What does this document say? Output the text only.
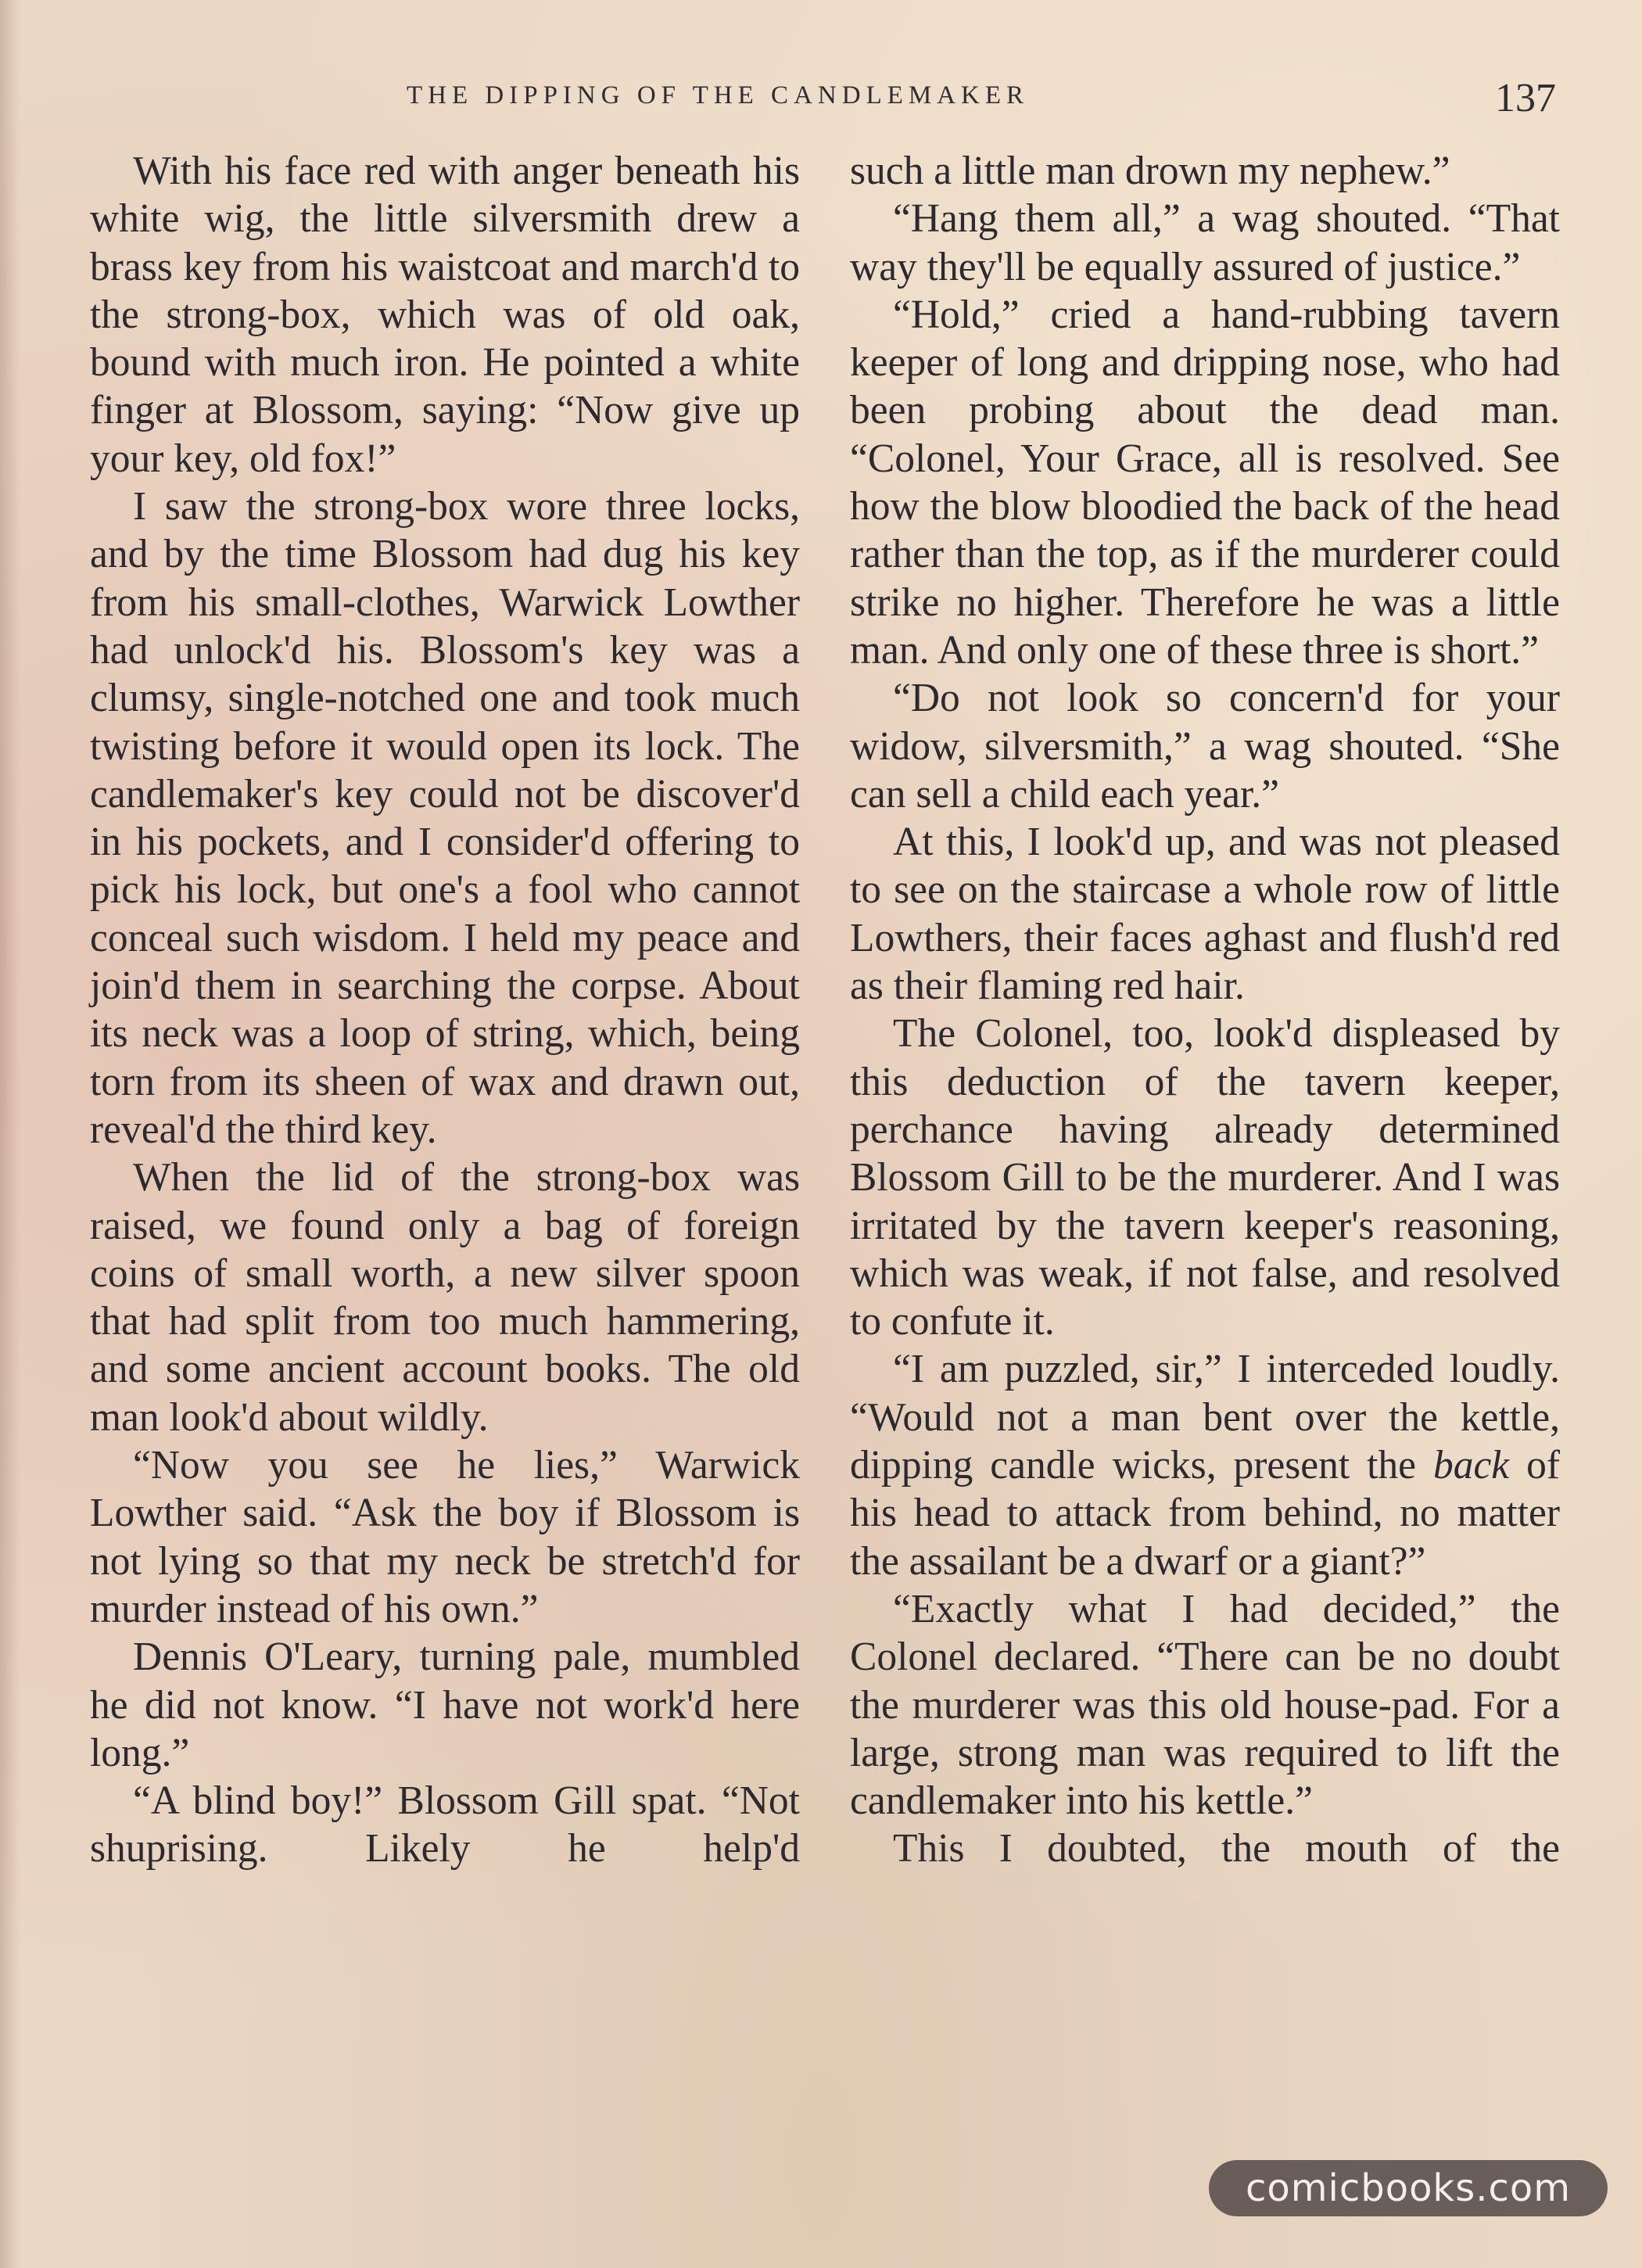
THE DIPPING OF THE CANDLEMAKER	137

With his face red with anger beneath his white wig, the little silversmith drew a brass key from his waistcoat and march'd to the strong-box, which was of old oak, bound with much iron. He pointed a white finger at Blossom, saying: “Now give up your key, old fox!”

I saw the strong-box wore three locks, and by the time Blossom had dug his key from his small-clothes, Warwick Lowther had unlock'd his. Blossom's key was a clumsy, single-notched one and took much twisting before it would open its lock. The candlemaker's key could not be discover'd in his pockets, and I consider'd offering to pick his lock, but one's a fool who cannot conceal such wisdom. I held my peace and join'd them in searching the corpse. About its neck was a loop of string, which, being torn from its sheen of wax and drawn out, reveal'd the third key.

When the lid of the strong-box was raised, we found only a bag of foreign coins of small worth, a new silver spoon that had split from too much hammering, and some ancient account books. The old man look'd about wildly.

“Now you see he lies,” Warwick Lowther said. “Ask the boy if Blossom is not lying so that my neck be stretch'd for murder instead of his own.”

Dennis O'Leary, turning pale, mumbled he did not know. “I have not work'd here long.”

“A blind boy!” Blossom Gill spat. “Not shuprising. Likely he help'd

such a little man drown my nephew.”

“Hang them all,” a wag shouted. “That way they'll be equally assured of justice.”

“Hold,” cried a hand-rubbing tavern keeper of long and dripping nose, who had been probing about the dead man. “Colonel, Your Grace, all is resolved. See how the blow bloodied the back of the head rather than the top, as if the murderer could strike no higher. Therefore he was a little man. And only one of these three is short.”

“Do not look so concern'd for your widow, silversmith,” a wag shouted. “She can sell a child each year.”

At this, I look'd up, and was not pleased to see on the staircase a whole row of little Lowthers, their faces aghast and flush'd red as their flaming red hair.

The Colonel, too, look'd displeased by this deduction of the tavern keeper, perchance having already determined Blossom Gill to be the murderer. And I was irritated by the tavern keeper's reasoning, which was weak, if not false, and resolved to confute it.

“I am puzzled, sir,” I interceded loudly. “Would not a man bent over the kettle, dipping candle wicks, present the back of his head to attack from behind, no matter the assailant be a dwarf or a giant?”

“Exactly what I had decided,” the Colonel declared. “There can be no doubt the murderer was this old house-pad. For a large, strong man was required to lift the candlemaker into his kettle.”

This I doubted, the mouth of the

comicbooks.com
